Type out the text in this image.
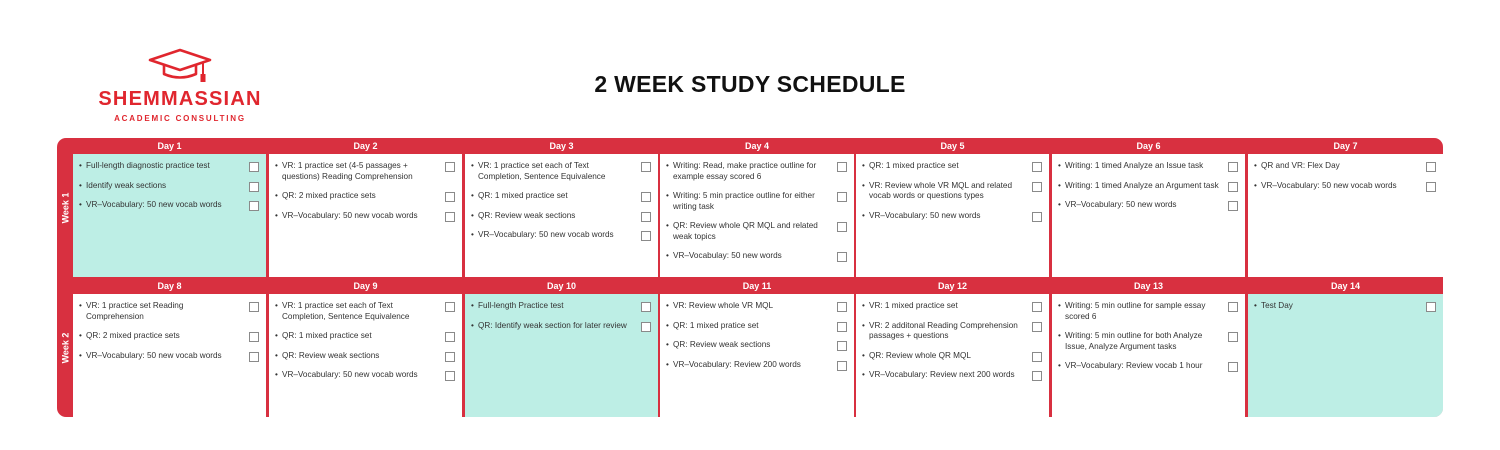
SHEMMASSIAN
ACADEMIC CONSULTING
2 WEEK STUDY SCHEDULE
Week 1
Day 1
• Full-length diagnostic practice test
• Identify weak sections
• VR–Vocabulary: 50 new vocab words
Day 2
• VR: 1 practice set (4-5 passages + questions) Reading Comprehension
• QR: 2 mixed practice sets
• VR–Vocabulary: 50 new vocab words
Day 3
• VR: 1 practice set each of Text Completion, Sentence Equivalence
• QR: 1 mixed practice set
• QR: Review weak sections
• VR–Vocabulary: 50 new vocab words
Day 4
• Writing: Read, make practice outline for example essay scored 6
• Writing: 5 min practice outline for either writing task
• QR: Review whole QR MQL and related weak topics
• VR–Vocabulay: 50 new words
Day 5
• QR: 1 mixed practice set
• VR: Review whole VR MQL and related vocab words or questions types
• VR–Vocabulary: 50 new words
Day 6
• Writing: 1 timed Analyze an Issue task
• Writing: 1 timed Analyze an Argument task
• VR–Vocabulary: 50 new words
Day 7
• QR and VR: Flex Day
• VR–Vocabulary: 50 new vocab words
Week 2
Day 8
• VR: 1 practice set Reading Comprehension
• QR: 2 mixed practice sets
• VR–Vocabulary: 50 new vocab words
Day 9
• VR: 1 practice set each of Text Completion, Sentence Equivalence
• QR: 1 mixed practice set
• QR: Review weak sections
• VR–Vocabulary: 50 new vocab words
Day 10
• Full-length Practice test
• QR: Identify weak section for later review
Day 11
• VR: Review whole VR MQL
• QR: 1 mixed pratice set
• QR: Review weak sections
• VR–Vocabulary: Review 200 words
Day 12
• VR: 1 mixed practice set
• VR: 2 additonal Reading Comprehension passages + questions
• QR: Review whole QR MQL
• VR–Vocabulary: Review next 200 words
Day 13
• Writing: 5 min outline for sample essay scored 6
• Writing: 5 min outline for both Analyze Issue, Analyze Argument tasks
• VR–Vocabulary: Review vocab 1 hour
Day 14
• Test Day
